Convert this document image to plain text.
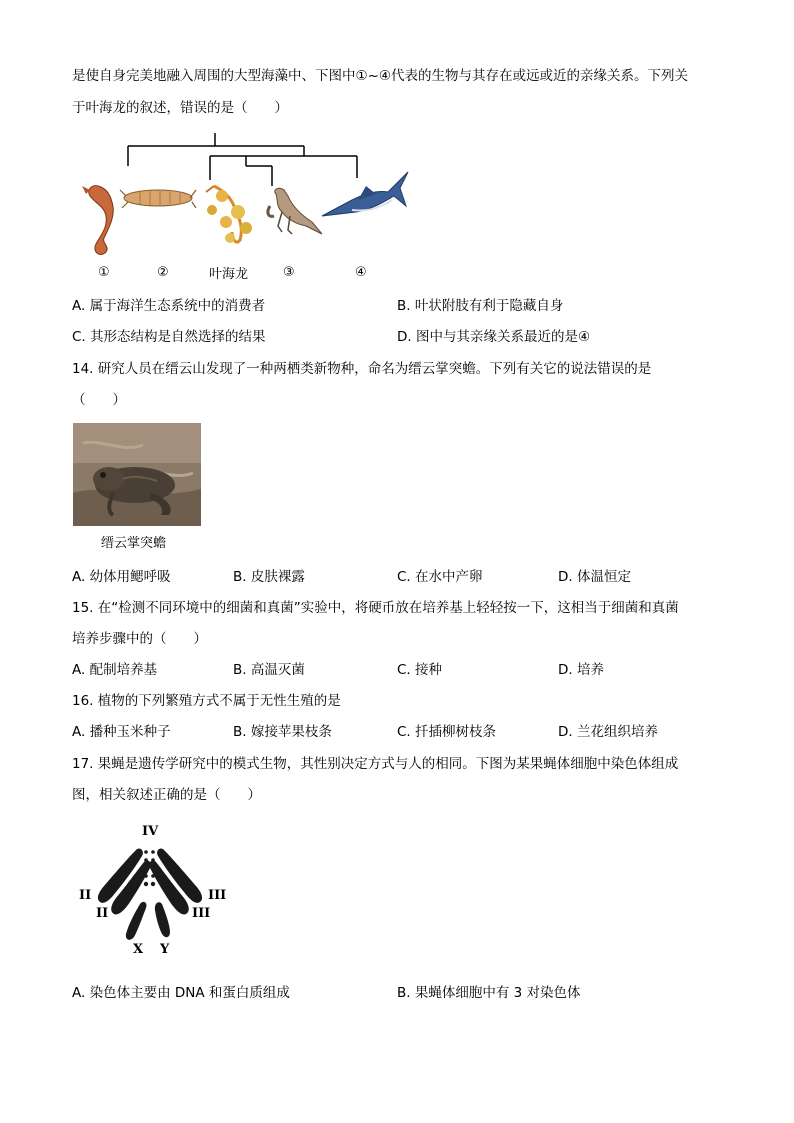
是使自身完美地融入周围的大型海藻中、下图中①~④代表的生物与其存在或远或近的亲缘关系。下列关
于叶海龙的叙述，错误的是（　　）
①	②	叶海龙	③	④
A. 属于海洋生态系统中的消费者	B. 叶状附肢有利于隐藏自身
C. 其形态结构是自然选择的结果	D. 图中与其亲缘关系最近的是④
14. 研究人员在缙云山发现了一种两栖类新物种，命名为缙云掌突蟾。下列有关它的说法错误的是
（　　）
缙云掌突蟾
A. 幼体用鳃呼吸	B. 皮肤裸露	C. 在水中产卵	D. 体温恒定
15. 在“检测不同环境中的细菌和真菌”实验中，将硬币放在培养基上轻轻按一下，这相当于细菌和真菌
培养步骤中的（　　）
A. 配制培养基	B. 高温灭菌	C. 接种	D. 培养
16. 植物的下列繁殖方式不属于无性生殖的是
A. 播种玉米种子	B. 嫁接苹果枝条	C. 扦插柳树枝条	D. 兰花组织培养
17. 果蝇是遗传学研究中的模式生物，其性别决定方式与人的相同。下图为某果蝇体细胞中染色体组成
图，相关叙述正确的是（　　）
IV
II
II
III
III
X Y
A. 染色体主要由 DNA 和蛋白质组成	B. 果蝇体细胞中有 3 对染色体
